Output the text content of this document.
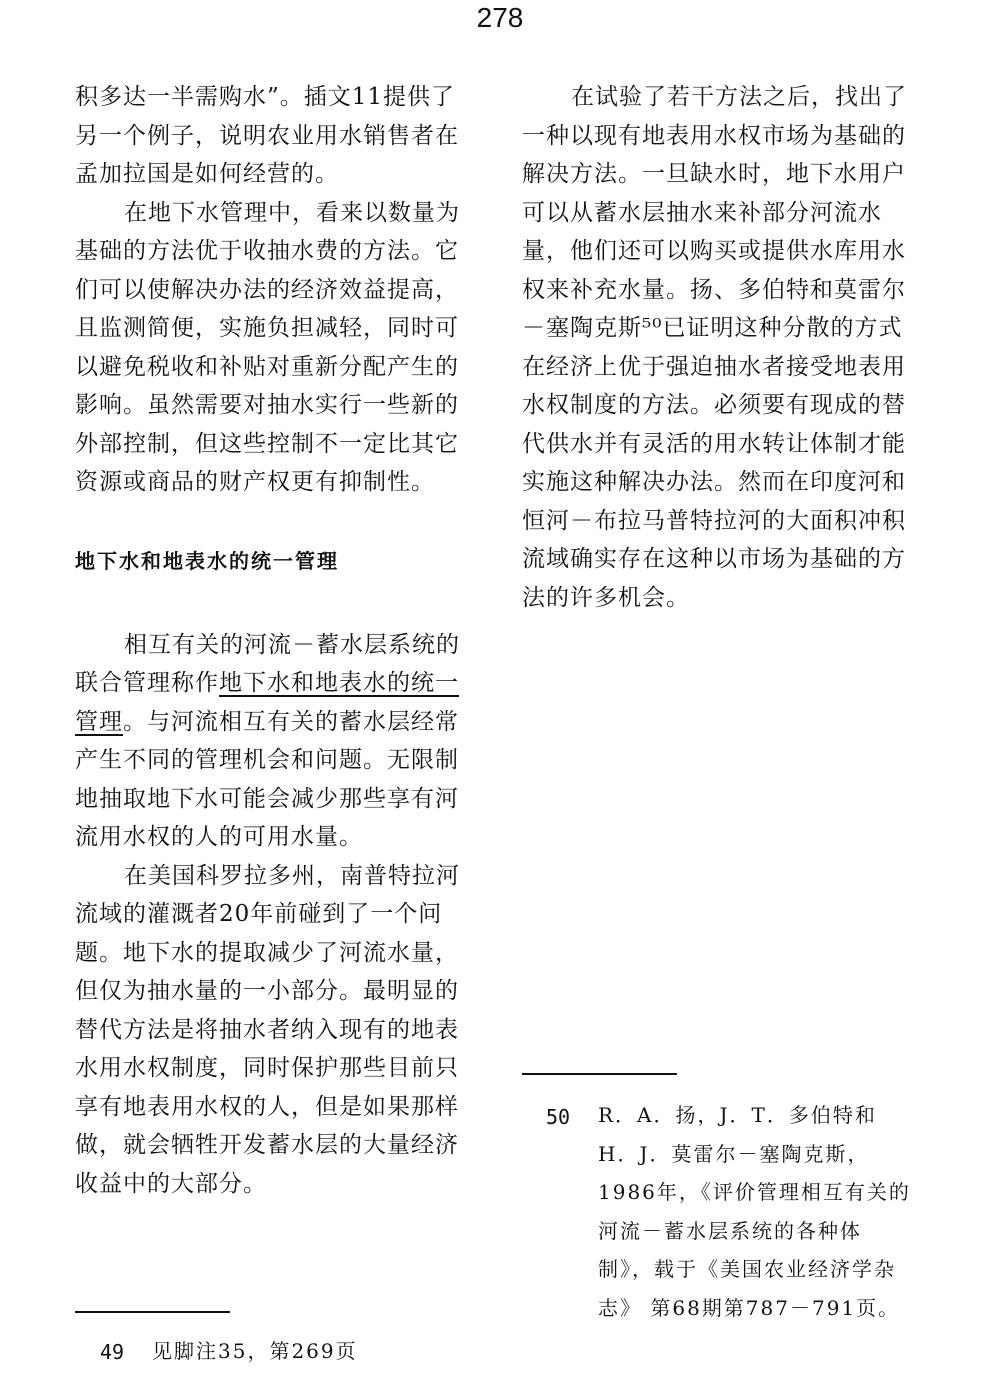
278

积多达一半需购水”。插文11提供了另一个例子，说明农业用水销售者在孟加拉国是如何经营的。

在地下水管理中，看来以数量为基础的方法优于收抽水费的方法。它们可以使解决办法的经济效益提高，且监测简便，实施负担减轻，同时可以避免税收和补贴对重新分配产生的影响。虽然需要对抽水实行一些新的外部控制，但这些控制不一定比其它资源或商品的财产权更有抑制性。

地下水和地表水的统一管理

相互有关的河流－蓄水层系统的联合管理称作地下水和地表水的统一管理。与河流相互有关的蓄水层经常产生不同的管理机会和问题。无限制地抽取地下水可能会减少那些享有河流用水权的人的可用水量。

在美国科罗拉多州，南普特拉河流域的灌溉者20年前碰到了一个问题。地下水的提取减少了河流水量，但仅为抽水量的一小部分。最明显的替代方法是将抽水者纳入现有的地表水用水权制度，同时保护那些目前只享有地表用水权的人，但是如果那样做，就会牺牲开发蓄水层的大量经济收益中的大部分。

49 见脚注35，第269页

在试验了若干方法之后，找出了一种以现有地表用水权市场为基础的解决方法。一旦缺水时，地下水用户可以从蓄水层抽水来补部分河流水量，他们还可以购买或提供水库用水权来补充水量。扬、多伯特和莫雷尔－塞陶克斯⁵⁰已证明这种分散的方式在经济上优于强迫抽水者接受地表用水权制度的方法。必须要有现成的替代供水并有灵活的用水转让体制才能实施这种解决办法。然而在印度河和恒河－布拉马普特拉河的大面积冲积流域确实存在这种以市场为基础的方法的许多机会。

50 R．A．扬，J．T．多伯特和H．J．莫雷尔－塞陶克斯，1986年，《评价管理相互有关的河流－蓄水层系统的各种体制》，载于《美国农业经济学杂志》 第68期第787－791页。
